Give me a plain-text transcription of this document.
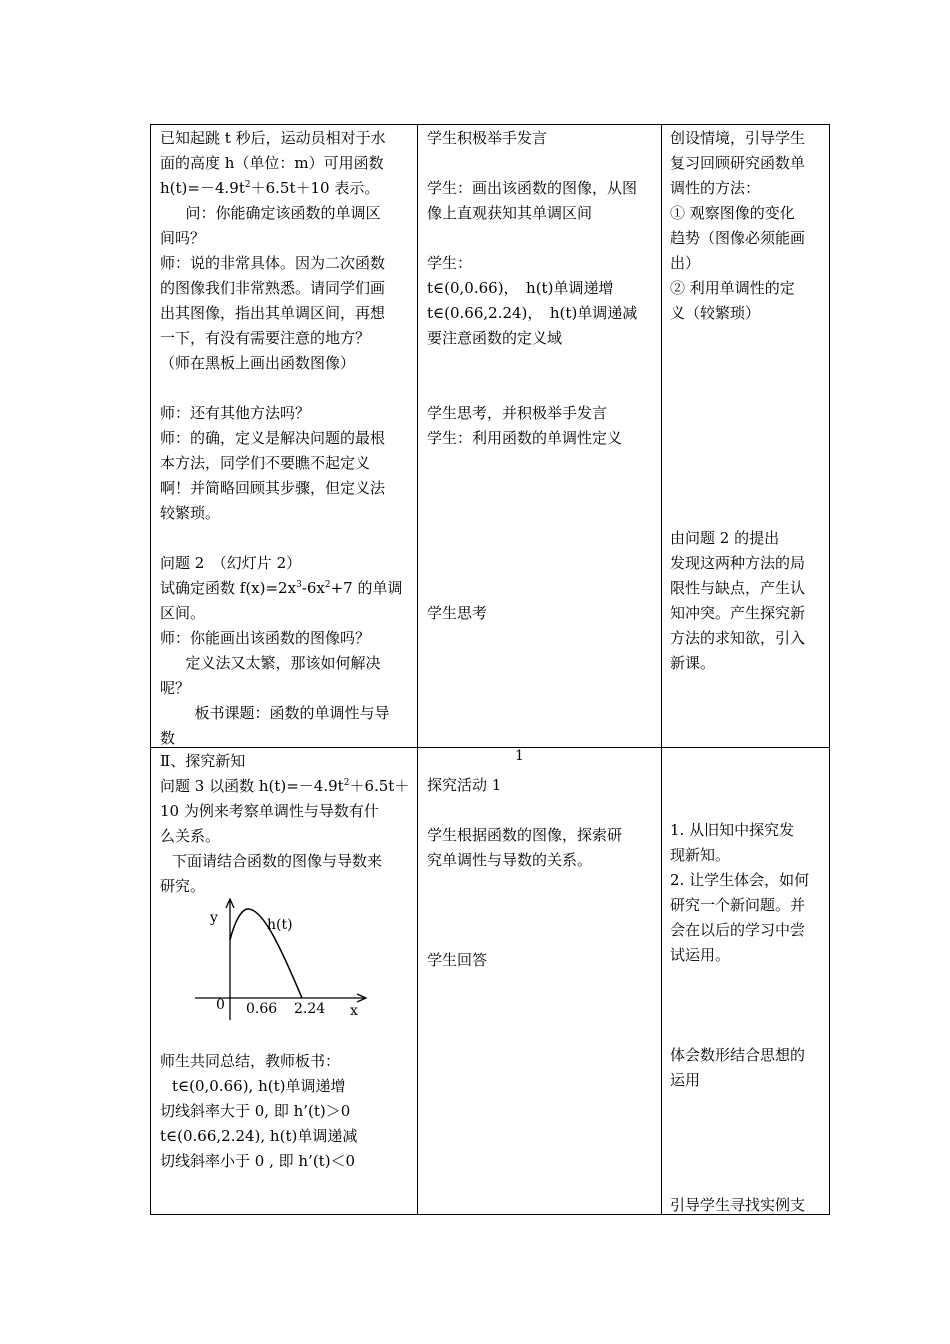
已知起跳 t 秒后，运动员相对于水

面的高度 h（单位：m）可用函数

$h(t)=-4.9t^2+6.5t+10$ 表示。

问：你能确定该函数的单调区

间吗？

师：说的非常具体。因为二次函数

的图像我们非常熟悉。请同学们画

出其图像，指出其单调区间，再想

一下，有没有需要注意的地方？

（师在黑板上画出函数图像）

师：还有其他方法吗？

师：的确，定义是解决问题的最根

本方法，同学们不要瞧不起定义

啊！并简略回顾其步骤，但定义法

较繁琐。

问题 2　（幻灯片 2）

试确定函数 $f(x)=2x^3-6x^2+7$ 的单调

区间。

师：你能画出该函数的图像吗？

定义法又太繁，那该如何解决

呢？

板书课题：函数的单调性与导

数

学生积极举手发言

学生：画出该函数的图像，从图

像上直观获知其单调区间

学生：

t∈(0,0.66)，　h(t)单调递增

t∈(0.66,2.24)，　h(t)单调递减

要注意函数的定义域

学生思考，并积极举手发言

学生：利用函数的单调性定义

学生思考

创设情境，引导学生

复习回顾研究函数单

调性的方法：

① 观察图像的变化

趋势（图像必须能画

出）

② 利用单调性的定

义（较繁琐）

由问题 2 的提出

发现这两种方法的局

限性与缺点，产生认

知冲突。产生探究新

方法的求知欲，引入

新课。

Ⅱ、探究新知

问题 3 以函数 $h(t)=-4.9t^2+6.5t+$

10 为例来考察单调性与导数有什

么关系。

下面请结合函数的图像与导数来

研究。

师生共同总结，教师板书：

t∈(0,0.66), h(t)单调递增

切线斜率大于 0, 即 h’(t)＞0

t∈(0.66,2.24), h(t)单调递减

切线斜率小于 0 , 即 h’(t)＜0

探究活动 1

学生根据函数的图像，探索研

究单调性与导数的关系。

学生回答

1. 从旧知中探究发

现新知。

2. 让学生体会，如何

研究一个新问题。并

会在以后的学习中尝

试运用。

体会数形结合思想的

运用

引导学生寻找实例支

1
y
x
0
h(t)
0.66 2.24
